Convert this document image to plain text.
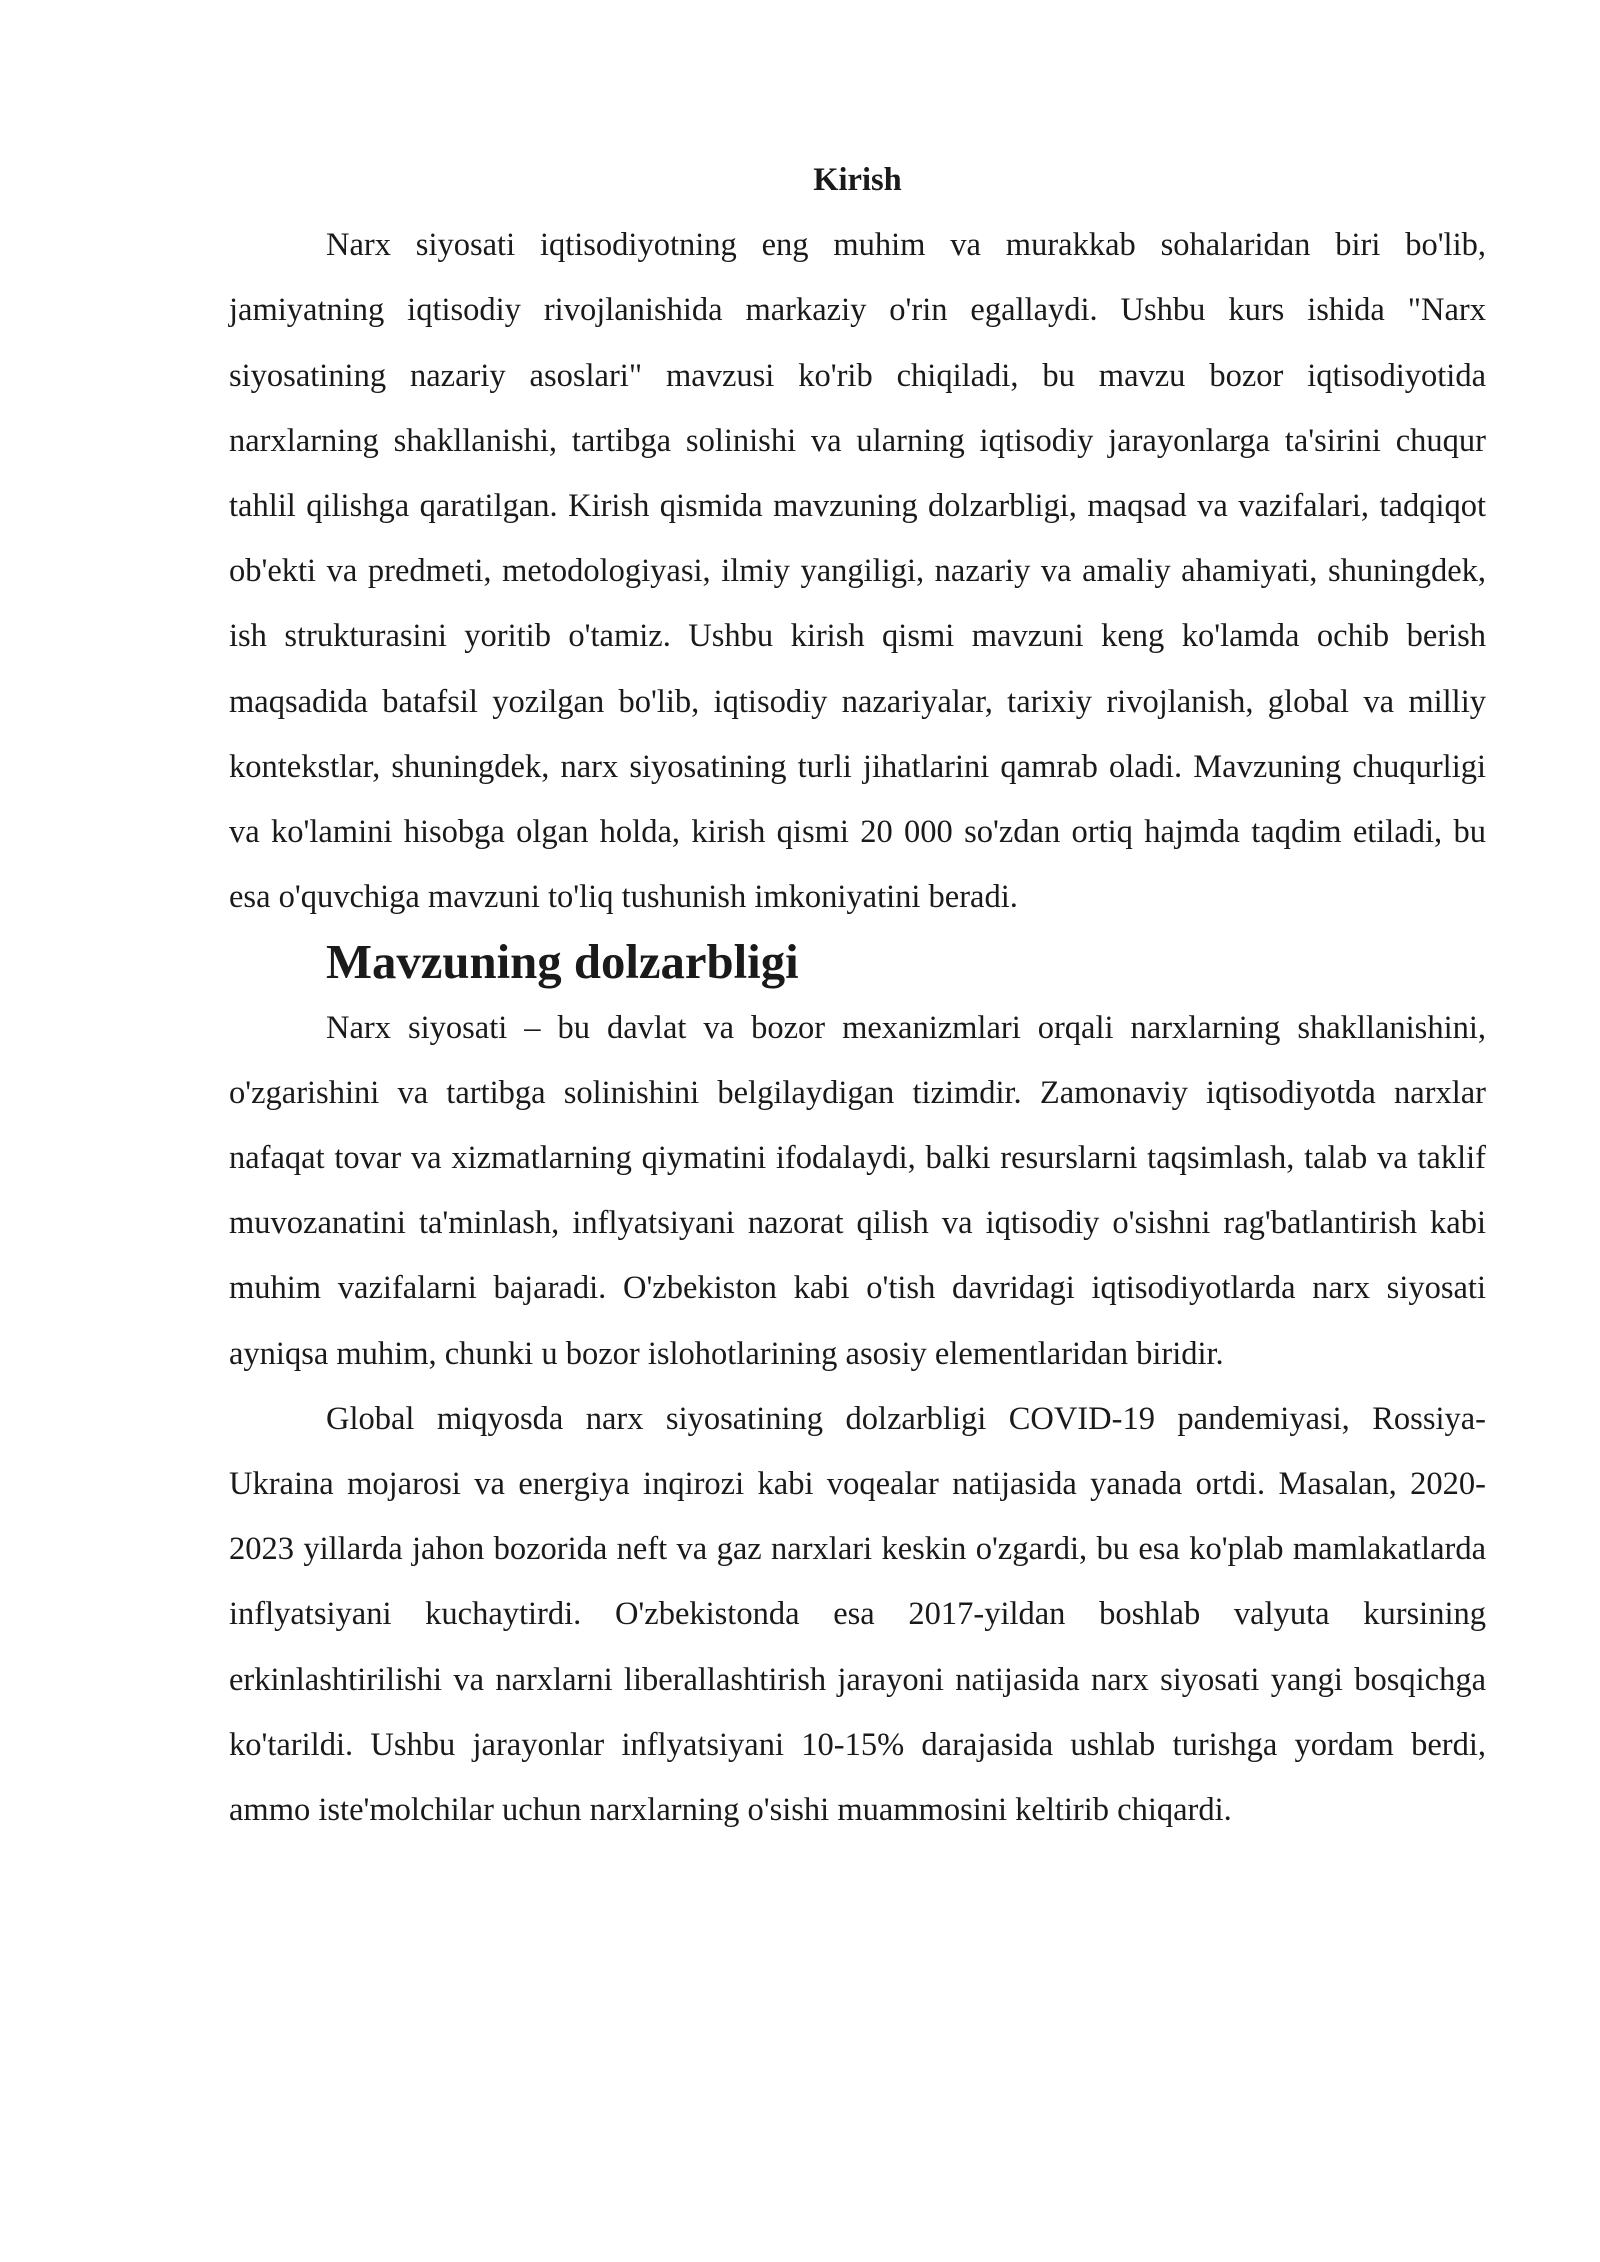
Kirish

Narx siyosati iqtisodiyotning eng muhim va murakkab sohalaridan biri bo'lib, jamiyatning iqtisodiy rivojlanishida markaziy o'rin egallaydi. Ushbu kurs ishida "Narx siyosatining nazariy asoslari" mavzusi ko'rib chiqiladi, bu mavzu bozor iqtisodiyotida narxlarning shakllanishi, tartibga solinishi va ularning iqtisodiy jarayonlarga ta'sirini chuqur tahlil qilishga qaratilgan. Kirish qismida mavzuning dolzarbligi, maqsad va vazifalari, tadqiqot ob'ekti va predmeti, metodologiyasi, ilmiy yangiligi, nazariy va amaliy ahamiyati, shuningdek, ish strukturasini yoritib o'tamiz. Ushbu kirish qismi mavzuni keng ko'lamda ochib berish maqsadida batafsil yozilgan bo'lib, iqtisodiy nazariyalar, tarixiy rivojlanish, global va milliy kontekstlar, shuningdek, narx siyosatining turli jihatlarini qamrab oladi. Mavzuning chuqurligi va ko'lamini hisobga olgan holda, kirish qismi 20 000 so'zdan ortiq hajmda taqdim etiladi, bu esa o'quvchiga mavzuni to'liq tushunish imkoniyatini beradi.

Mavzuning dolzarbligi

Narx siyosati – bu davlat va bozor mexanizmlari orqali narxlarning shakllanishini, o'zgarishini va tartibga solinishini belgilaydigan tizimdir. Zamonaviy iqtisodiyotda narxlar nafaqat tovar va xizmatlarning qiymatini ifodalaydi, balki resurslarni taqsimlash, talab va taklif muvozanatini ta'minlash, inflyatsiyani nazorat qilish va iqtisodiy o'sishni rag'batlantirish kabi muhim vazifalarni bajaradi. O'zbekiston kabi o'tish davridagi iqtisodiyotlarda narx siyosati ayniqsa muhim, chunki u bozor islohotlarining asosiy elementlaridan biridir.

Global miqyosda narx siyosatining dolzarbligi COVID-19 pandemiyasi, Rossiya-Ukraina mojarosi va energiya inqirozi kabi voqealar natijasida yanada ortdi. Masalan, 2020-2023 yillarda jahon bozorida neft va gaz narxlari keskin o'zgardi, bu esa ko'plab mamlakatlarda inflyatsiyani kuchaytirdi. O'zbekistonda esa 2017-yildan boshlab valyuta kursining erkinlashtirilishi va narxlarni liberallashtirish jarayoni natijasida narx siyosati yangi bosqichga ko'tarildi. Ushbu jarayonlar inflyatsiyani 10-15% darajasida ushlab turishga yordam berdi, ammo iste'molchilar uchun narxlarning o'sishi muammosini keltirib chiqardi.
